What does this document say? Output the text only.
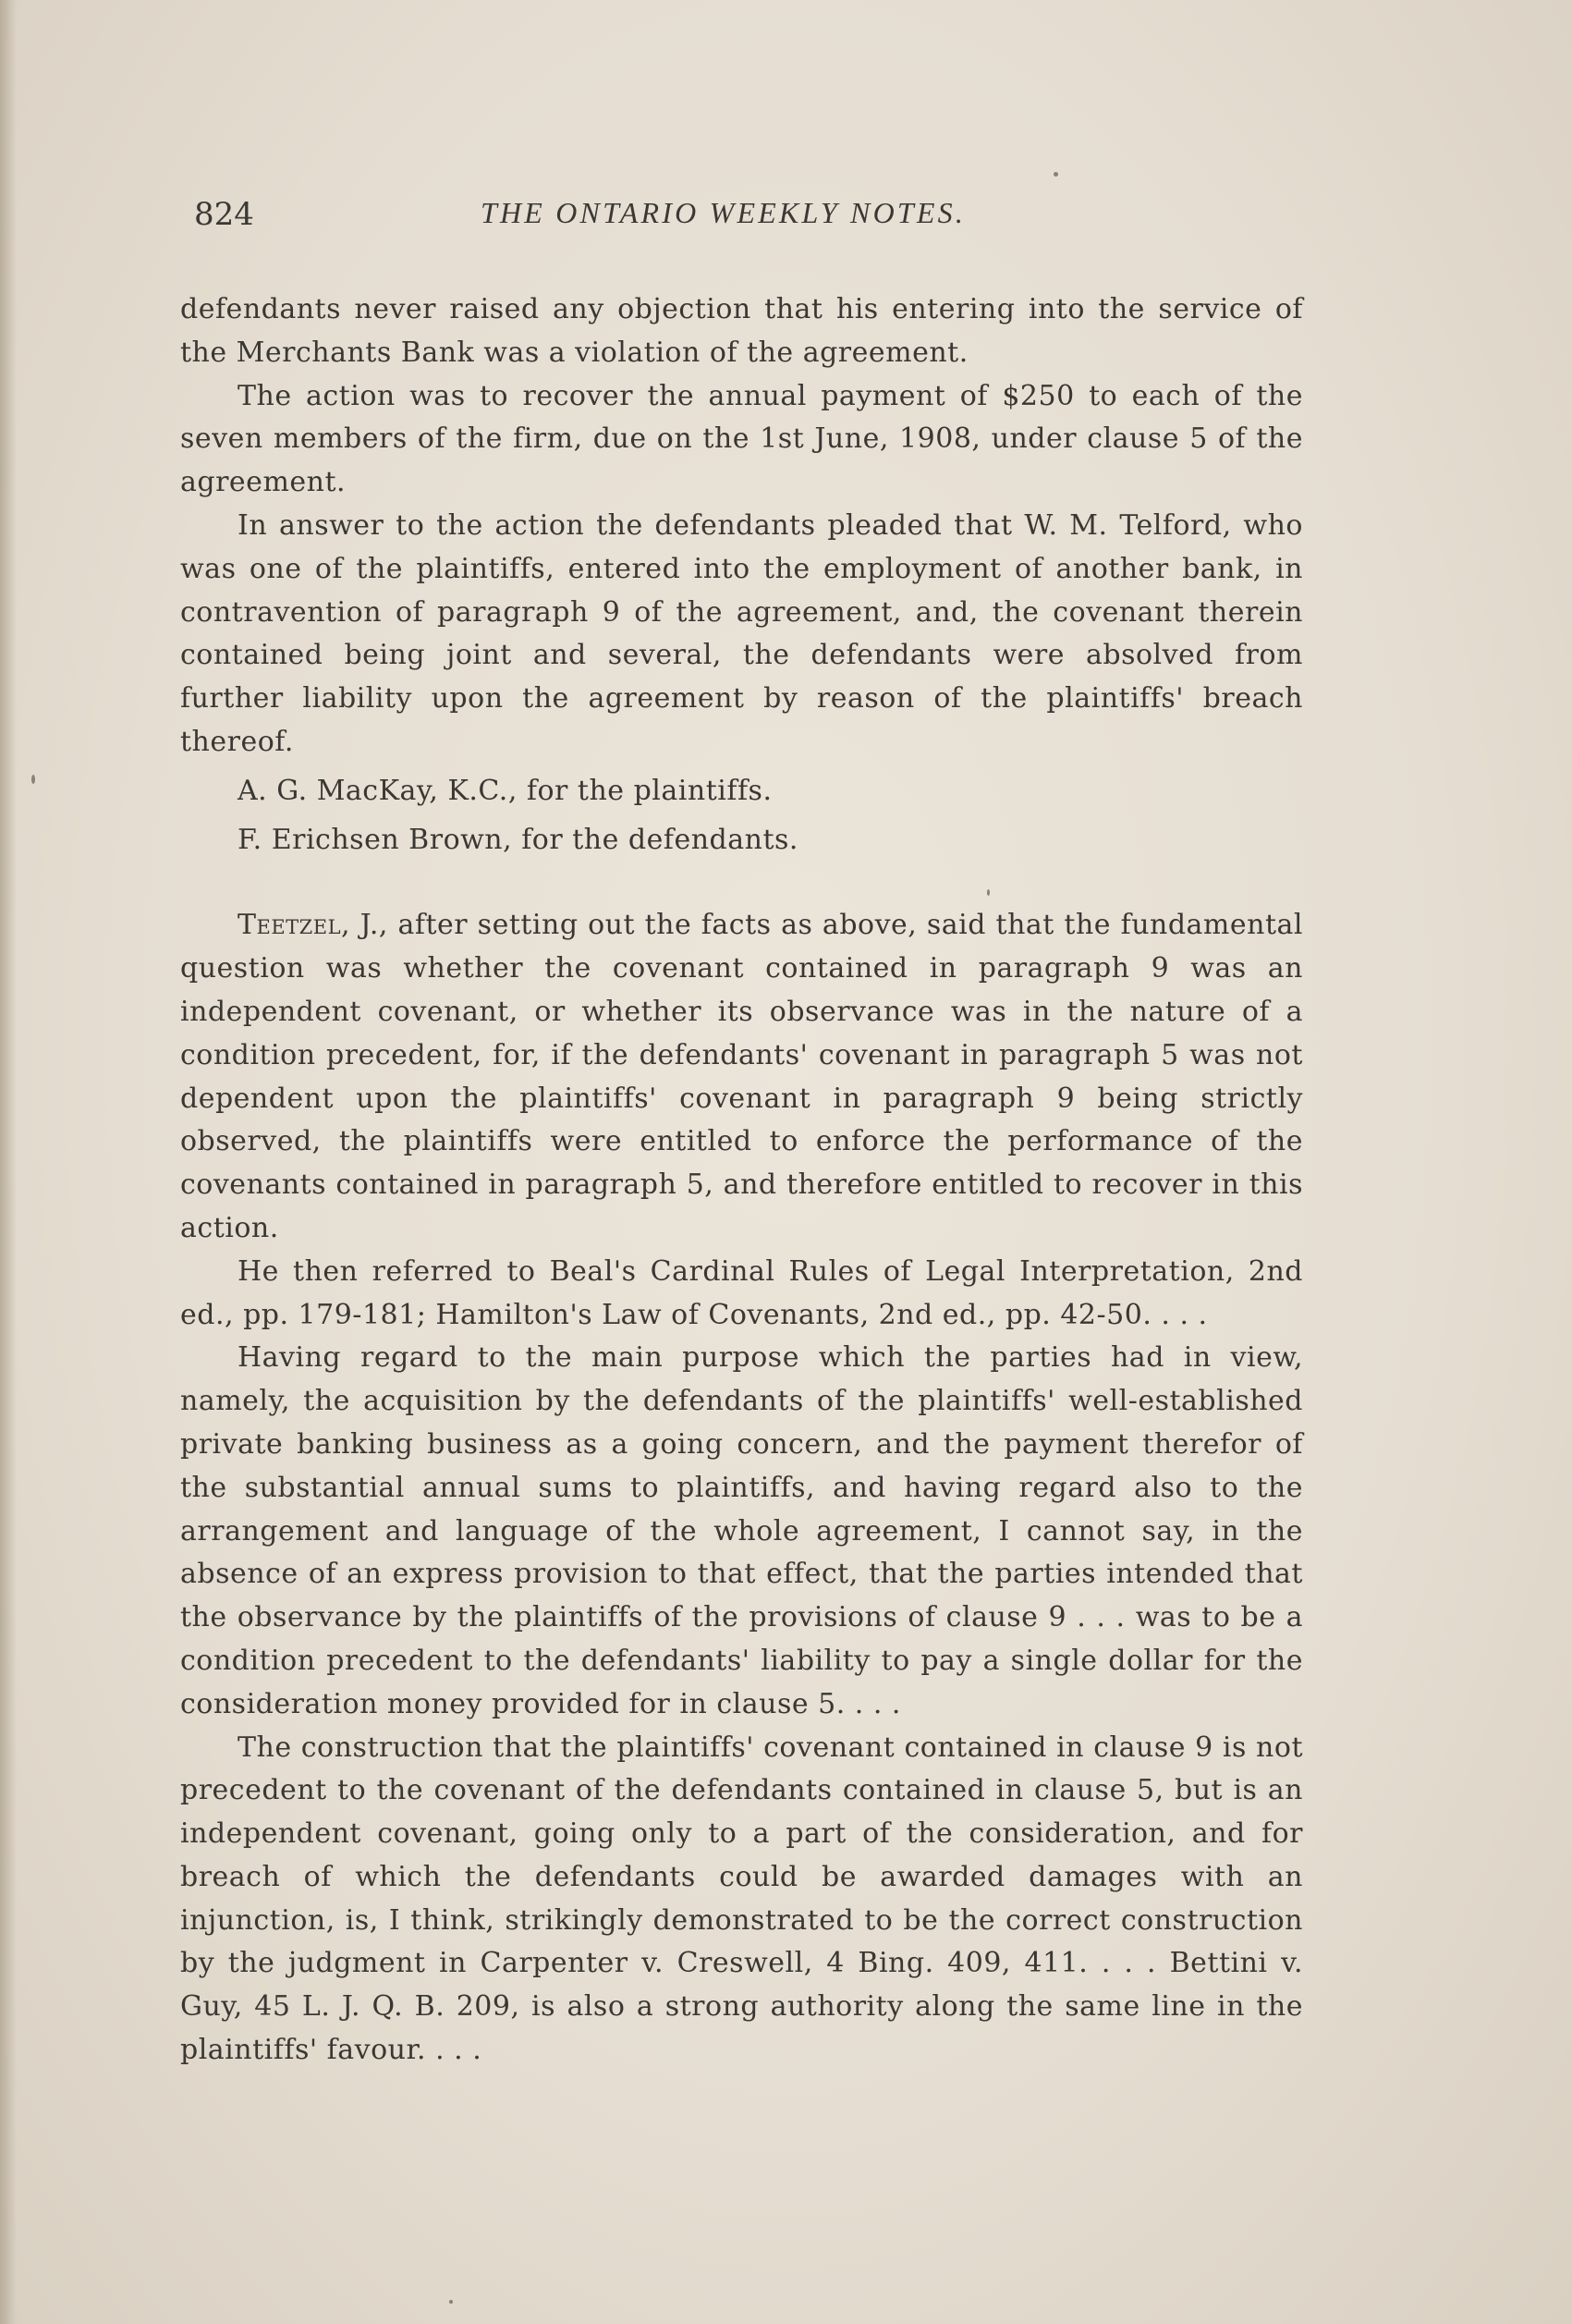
824	THE ONTARIO WEEKLY NOTES.

defendants never raised any objection that his entering into the service of the Merchants Bank was a violation of the agreement.

The action was to recover the annual payment of $250 to each of the seven members of the firm, due on the 1st June, 1908, under clause 5 of the agreement.

In answer to the action the defendants pleaded that W. M. Telford, who was one of the plaintiffs, entered into the employment of another bank, in contravention of paragraph 9 of the agreement, and, the covenant therein contained being joint and several, the defendants were absolved from further liability upon the agreement by reason of the plaintiffs' breach thereof.

A. G. MacKay, K.C., for the plaintiffs.

F. Erichsen Brown, for the defendants.

Teetzel, J., after setting out the facts as above, said that the fundamental question was whether the covenant contained in paragraph 9 was an independent covenant, or whether its observance was in the nature of a condition precedent, for, if the defendants' covenant in paragraph 5 was not dependent upon the plaintiffs' covenant in paragraph 9 being strictly observed, the plaintiffs were entitled to enforce the performance of the covenants contained in paragraph 5, and therefore entitled to recover in this action.

He then referred to Beal's Cardinal Rules of Legal Interpretation, 2nd ed., pp. 179-181; Hamilton's Law of Covenants, 2nd ed., pp. 42-50. . . .

Having regard to the main purpose which the parties had in view, namely, the acquisition by the defendants of the plaintiffs' well-established private banking business as a going concern, and the payment therefor of the substantial annual sums to plaintiffs, and having regard also to the arrangement and language of the whole agreement, I cannot say, in the absence of an express provision to that effect, that the parties intended that the observance by the plaintiffs of the provisions of clause 9 . . . was to be a condition precedent to the defendants' liability to pay a single dollar for the consideration money provided for in clause 5. . . .

The construction that the plaintiffs' covenant contained in clause 9 is not precedent to the covenant of the defendants contained in clause 5, but is an independent covenant, going only to a part of the consideration, and for breach of which the defendants could be awarded damages with an injunction, is, I think, strikingly demonstrated to be the correct construction by the judgment in Carpenter v. Creswell, 4 Bing. 409, 411. . . . Bettini v. Guy, 45 L. J. Q. B. 209, is also a strong authority along the same line in the plaintiffs' favour. . . .
